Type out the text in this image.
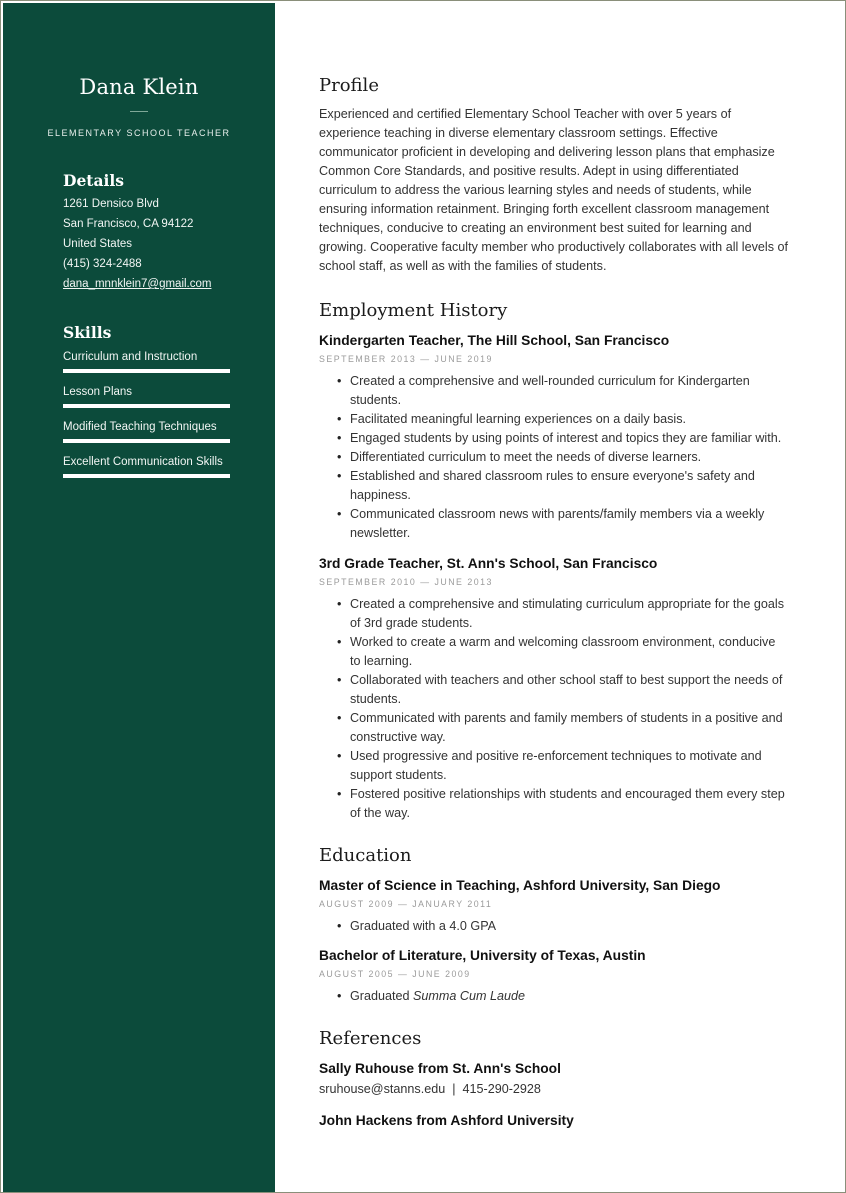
Dana Klein
ELEMENTARY SCHOOL TEACHER
Details
1261 Densico Blvd
San Francisco, CA 94122
United States
(415) 324-2488
dana_mnnklein7@gmail.com
Skills
Curriculum and Instruction
Lesson Plans
Modified Teaching Techniques
Excellent Communication Skills
Profile
Experienced and certified Elementary School Teacher with over 5 years of experience teaching in diverse elementary classroom settings. Effective communicator proficient in developing and delivering lesson plans that emphasize Common Core Standards, and positive results. Adept in using differentiated curriculum to address the various learning styles and needs of students, while ensuring information retainment. Bringing forth excellent classroom management techniques, conducive to creating an environment best suited for learning and growing. Cooperative faculty member who productively collaborates with all levels of school staff, as well as with the families of students.
Employment History
Kindergarten Teacher, The Hill School, San Francisco
SEPTEMBER 2013 — JUNE 2019
• Created a comprehensive and well-rounded curriculum for Kindergarten students.
• Facilitated meaningful learning experiences on a daily basis.
• Engaged students by using points of interest and topics they are familiar with.
• Differentiated curriculum to meet the needs of diverse learners.
• Established and shared classroom rules to ensure everyone's safety and happiness.
• Communicated classroom news with parents/family members via a weekly newsletter.
3rd Grade Teacher, St. Ann's School, San Francisco
SEPTEMBER 2010 — JUNE 2013
• Created a comprehensive and stimulating curriculum appropriate for the goals of 3rd grade students.
• Worked to create a warm and welcoming classroom environment, conducive to learning.
• Collaborated with teachers and other school staff to best support the needs of students.
• Communicated with parents and family members of students in a positive and constructive way.
• Used progressive and positive re-enforcement techniques to motivate and support students.
• Fostered positive relationships with students and encouraged them every step of the way.
Education
Master of Science in Teaching, Ashford University, San Diego
AUGUST 2009 — JANUARY 2011
• Graduated with a 4.0 GPA
Bachelor of Literature, University of Texas, Austin
AUGUST 2005 — JUNE 2009
• Graduated Summa Cum Laude
References
Sally Ruhouse from St. Ann's School
sruhouse@stanns.edu | 415-290-2928
John Hackens from Ashford University
